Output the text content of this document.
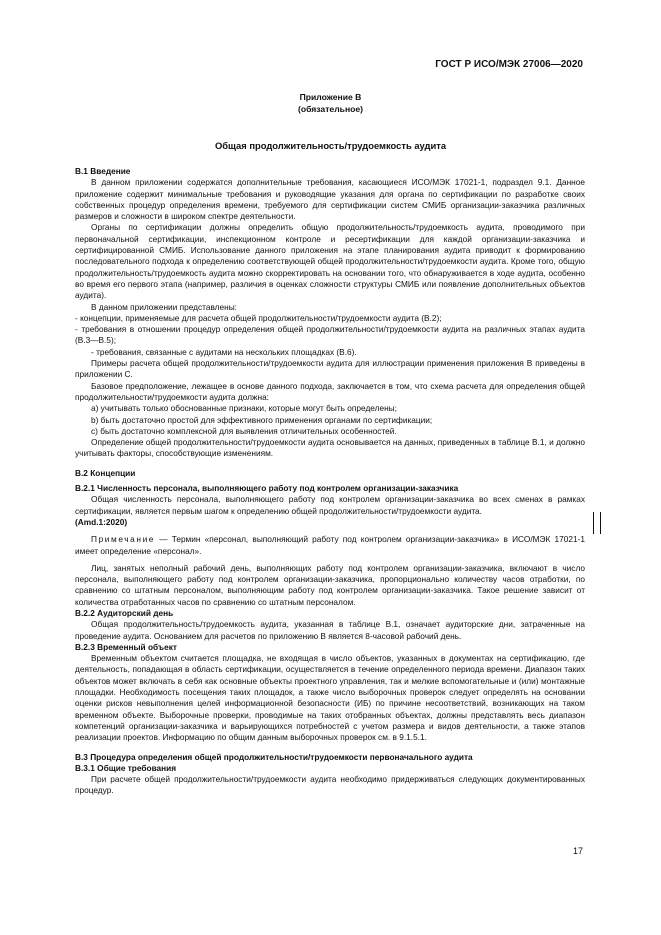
ГОСТ Р ИСО/МЭК 27006—2020
Приложение В
(обязательное)
Общая продолжительность/трудоемкость аудита

В.1 Введение

В данном приложении содержатся дополнительные требования, касающиеся ИСО/МЭК 17021-1, подраздел 9.1. Данное приложение содержит минимальные требования и руководящие указания для органа по сертификации по разработке своих собственных процедур определения времени, требуемого для сертификации систем СМИБ организации-заказчика различных размеров и сложности в широком спектре деятельности.

Органы по сертификации должны определить общую продолжительность/трудоемкость аудита, проводимого при первоначальной сертификации, инспекционном контроле и ресертификации для каждой организации-заказчика и сертифицированной СМИБ. Использование данного приложения на этапе планирования аудита приводит к формированию последовательного подхода к определению соответствующей общей продолжительности/трудоемкости аудита. Кроме того, общую продолжительность/трудоемкость аудита можно скорректировать на основании того, что обнаруживается в ходе аудита, особенно во время его первого этапа (например, различия в оценках сложности структуры СМИБ или появление дополнительных объектов аудита).

В данном приложении представлены:

- концепции, применяемые для расчета общей продолжительности/трудоемкости аудита (В.2);

- требования в отношении процедур определения общей продолжительности/трудоемкости аудита на различных этапах аудита (В.3—В.5);

- требования, связанные с аудитами на нескольких площадках (В.6).

Примеры расчета общей продолжительности/трудоемкости аудита для иллюстрации применения приложения В приведены в приложении С.

Базовое предположение, лежащее в основе данного подхода, заключается в том, что схема расчета для определения общей продолжительности/трудоемкости аудита должна:

а) учитывать только обоснованные признаки, которые могут быть определены;

b) быть достаточно простой для эффективного применения органами по сертификации;

с) быть достаточно комплексной для выявления отличительных особенностей.

Определение общей продолжительности/трудоемкости аудита основывается на данных, приведенных в таблице В.1, и должно учитывать факторы, способствующие изменениям.

В.2 Концепции

В.2.1 Численность персонала, выполняющего работу под контролем организации-заказчика

Общая численность персонала, выполняющего работу под контролем организации-заказчика во всех сменах в рамках сертификации, является первым шагом к определению общей продолжительности/трудоемкости аудита.

(Amd.1:2020)

Примечание — Термин «персонал, выполняющий работу под контролем организации-заказчика» в ИСО/МЭК 17021-1 имеет определение «персонал».

Лиц, занятых неполный рабочий день, выполняющих работу под контролем организации-заказчика, включают в число персонала, выполняющего работу под контролем организации-заказчика, пропорционально количеству часов отработки, по сравнению со штатным персоналом, выполняющим работу под контролем организации-заказчика. Такое решение зависит от количества отработанных часов по сравнению со штатным персоналом.

В.2.2 Аудиторский день

Общая продолжительность/трудоемкость аудита, указанная в таблице В.1, означает аудиторские дни, затраченные на проведение аудита. Основанием для расчетов по приложению В является 8-часовой рабочий день.

В.2.3 Временный объект

Временным объектом считается площадка, не входящая в число объектов, указанных в документах на сертификацию, где деятельность, попадающая в область сертификации, осуществляется в течение определенного периода времени. Диапазон таких объектов может включать в себя как основные объекты проектного управления, так и мелкие вспомогательные и (или) монтажные площадки. Необходимость посещения таких площадок, а также число выборочных проверок следует определять на основании оценки рисков невыполнения целей информационной безопасности (ИБ) по причине несоответствий, возникающих на таком временном объекте. Выборочные проверки, проводимые на таких отобранных объектах, должны представлять весь диапазон компетенций организации-заказчика и варьирующихся потребностей с учетом размера и видов деятельности, а также этапов реализации проектов. Информацию по общим данным выборочных проверок см. в 9.1.5.1.

В.3 Процедура определения общей продолжительности/трудоемкости первоначального аудита

В.3.1 Общие требования

При расчете общей продолжительности/трудоемкости аудита необходимо придерживаться следующих документированных процедур.

17
